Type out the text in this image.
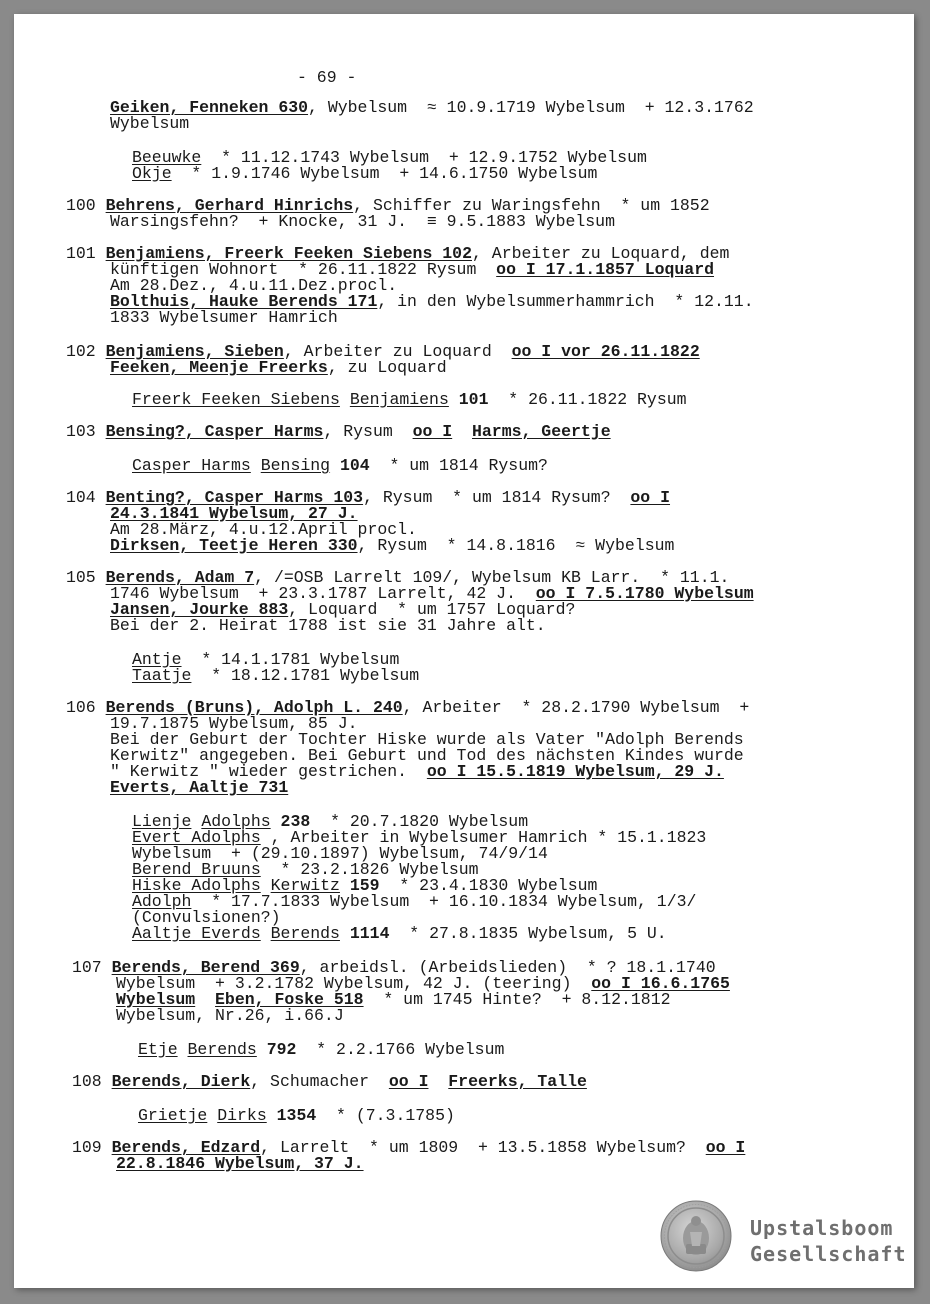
- 69 -
Geiken, Fenneken 630, Wybelsum  ≈ 10.9.1719 Wybelsum  + 12.3.1762
Wybelsum
Beeuwke  * 11.12.1743 Wybelsum  + 12.9.1752 Wybelsum
Okje  * 1.9.1746 Wybelsum  + 14.6.1750 Wybelsum
100 Behrens, Gerhard Hinrichs, Schiffer zu Waringsfehn  * um 1852
Warsingsfehn?  + Knocke, 31 J.  ≡ 9.5.1883 Wybelsum
101 Benjamiens, Freerk Feeken Siebens 102, Arbeiter zu Loquard, dem
künftigen Wohnort  * 26.11.1822 Rysum  oo I 17.1.1857 Loquard
Am 28.Dez., 4.u.11.Dez.procl.
Bolthuis, Hauke Berends 171, in den Wybelsummerhammrich  * 12.11.
1833 Wybelsumer Hamrich
102 Benjamiens, Sieben, Arbeiter zu Loquard  oo I vor 26.11.1822
Feeken, Meenje Freerks, zu Loquard
Freerk Feeken Siebens Benjamiens 101  * 26.11.1822 Rysum
103 Bensing?, Casper Harms, Rysum  oo I Harms, Geertje
Casper Harms Bensing 104  * um 1814 Rysum?
104 Benting?, Casper Harms 103, Rysum  * um 1814 Rysum?  oo I
24.3.1841 Wybelsum, 27 J.
Am 28.März, 4.u.12.April procl.
Dirksen, Teetje Heren 330, Rysum  * 14.8.1816  ≈ Wybelsum
105 Berends, Adam 7, /=OSB Larrelt 109/, Wybelsum KB Larr.  * 11.1.
1746 Wybelsum  + 23.3.1787 Larrelt, 42 J.  oo I 7.5.1780 Wybelsum
Jansen, Jourke 883, Loquard  * um 1757 Loquard?
Bei der 2. Heirat 1788 ist sie 31 Jahre alt.
Antje  * 14.1.1781 Wybelsum
Taatje  * 18.12.1781 Wybelsum
106 Berends (Bruns), Adolph L. 240, Arbeiter  * 28.2.1790 Wybelsum  +
19.7.1875 Wybelsum, 85 J.
Bei der Geburt der Tochter Hiske wurde als Vater "Adolph Berends
Kerwitz" angegeben. Bei Geburt und Tod des nächsten Kindes wurde
" Kerwitz " wieder gestrichen.  oo I 15.5.1819 Wybelsum, 29 J.
Everts, Aaltje 731
Lienje Adolphs 238  * 20.7.1820 Wybelsum
Evert Adolphs , Arbeiter in Wybelsumer Hamrich * 15.1.1823
Wybelsum  + (29.10.1897) Wybelsum, 74/9/14
Berend Bruuns  * 23.2.1826 Wybelsum
Hiske Adolphs Kerwitz 159  * 23.4.1830 Wybelsum
Adolph  * 17.7.1833 Wybelsum  + 16.10.1834 Wybelsum, 1/3/
(Convulsionen?)
Aaltje Everds Berends 1114  * 27.8.1835 Wybelsum, 5 U.
107 Berends, Berend 369, arbeidsl. (Arbeidslieden)  * ? 18.1.1740
Wybelsum  + 3.2.1782 Wybelsum, 42 J. (teering)  oo I 16.6.1765
Wybelsum Eben, Foske 518  * um 1745 Hinte?  + 8.12.1812
Wybelsum, Nr.26, i.66.J
Etje Berends 792  * 2.2.1766 Wybelsum
108 Berends, Dierk, Schumacher  oo I Freerks, Talle
Grietje Dirks 1354  * (7.3.1785)
109 Berends, Edzard, Larrelt  * um 1809  + 13.5.1858 Wybelsum?  oo I
22.8.1846 Wybelsum, 37 J.
Upstalsboom
Gesellschaft
